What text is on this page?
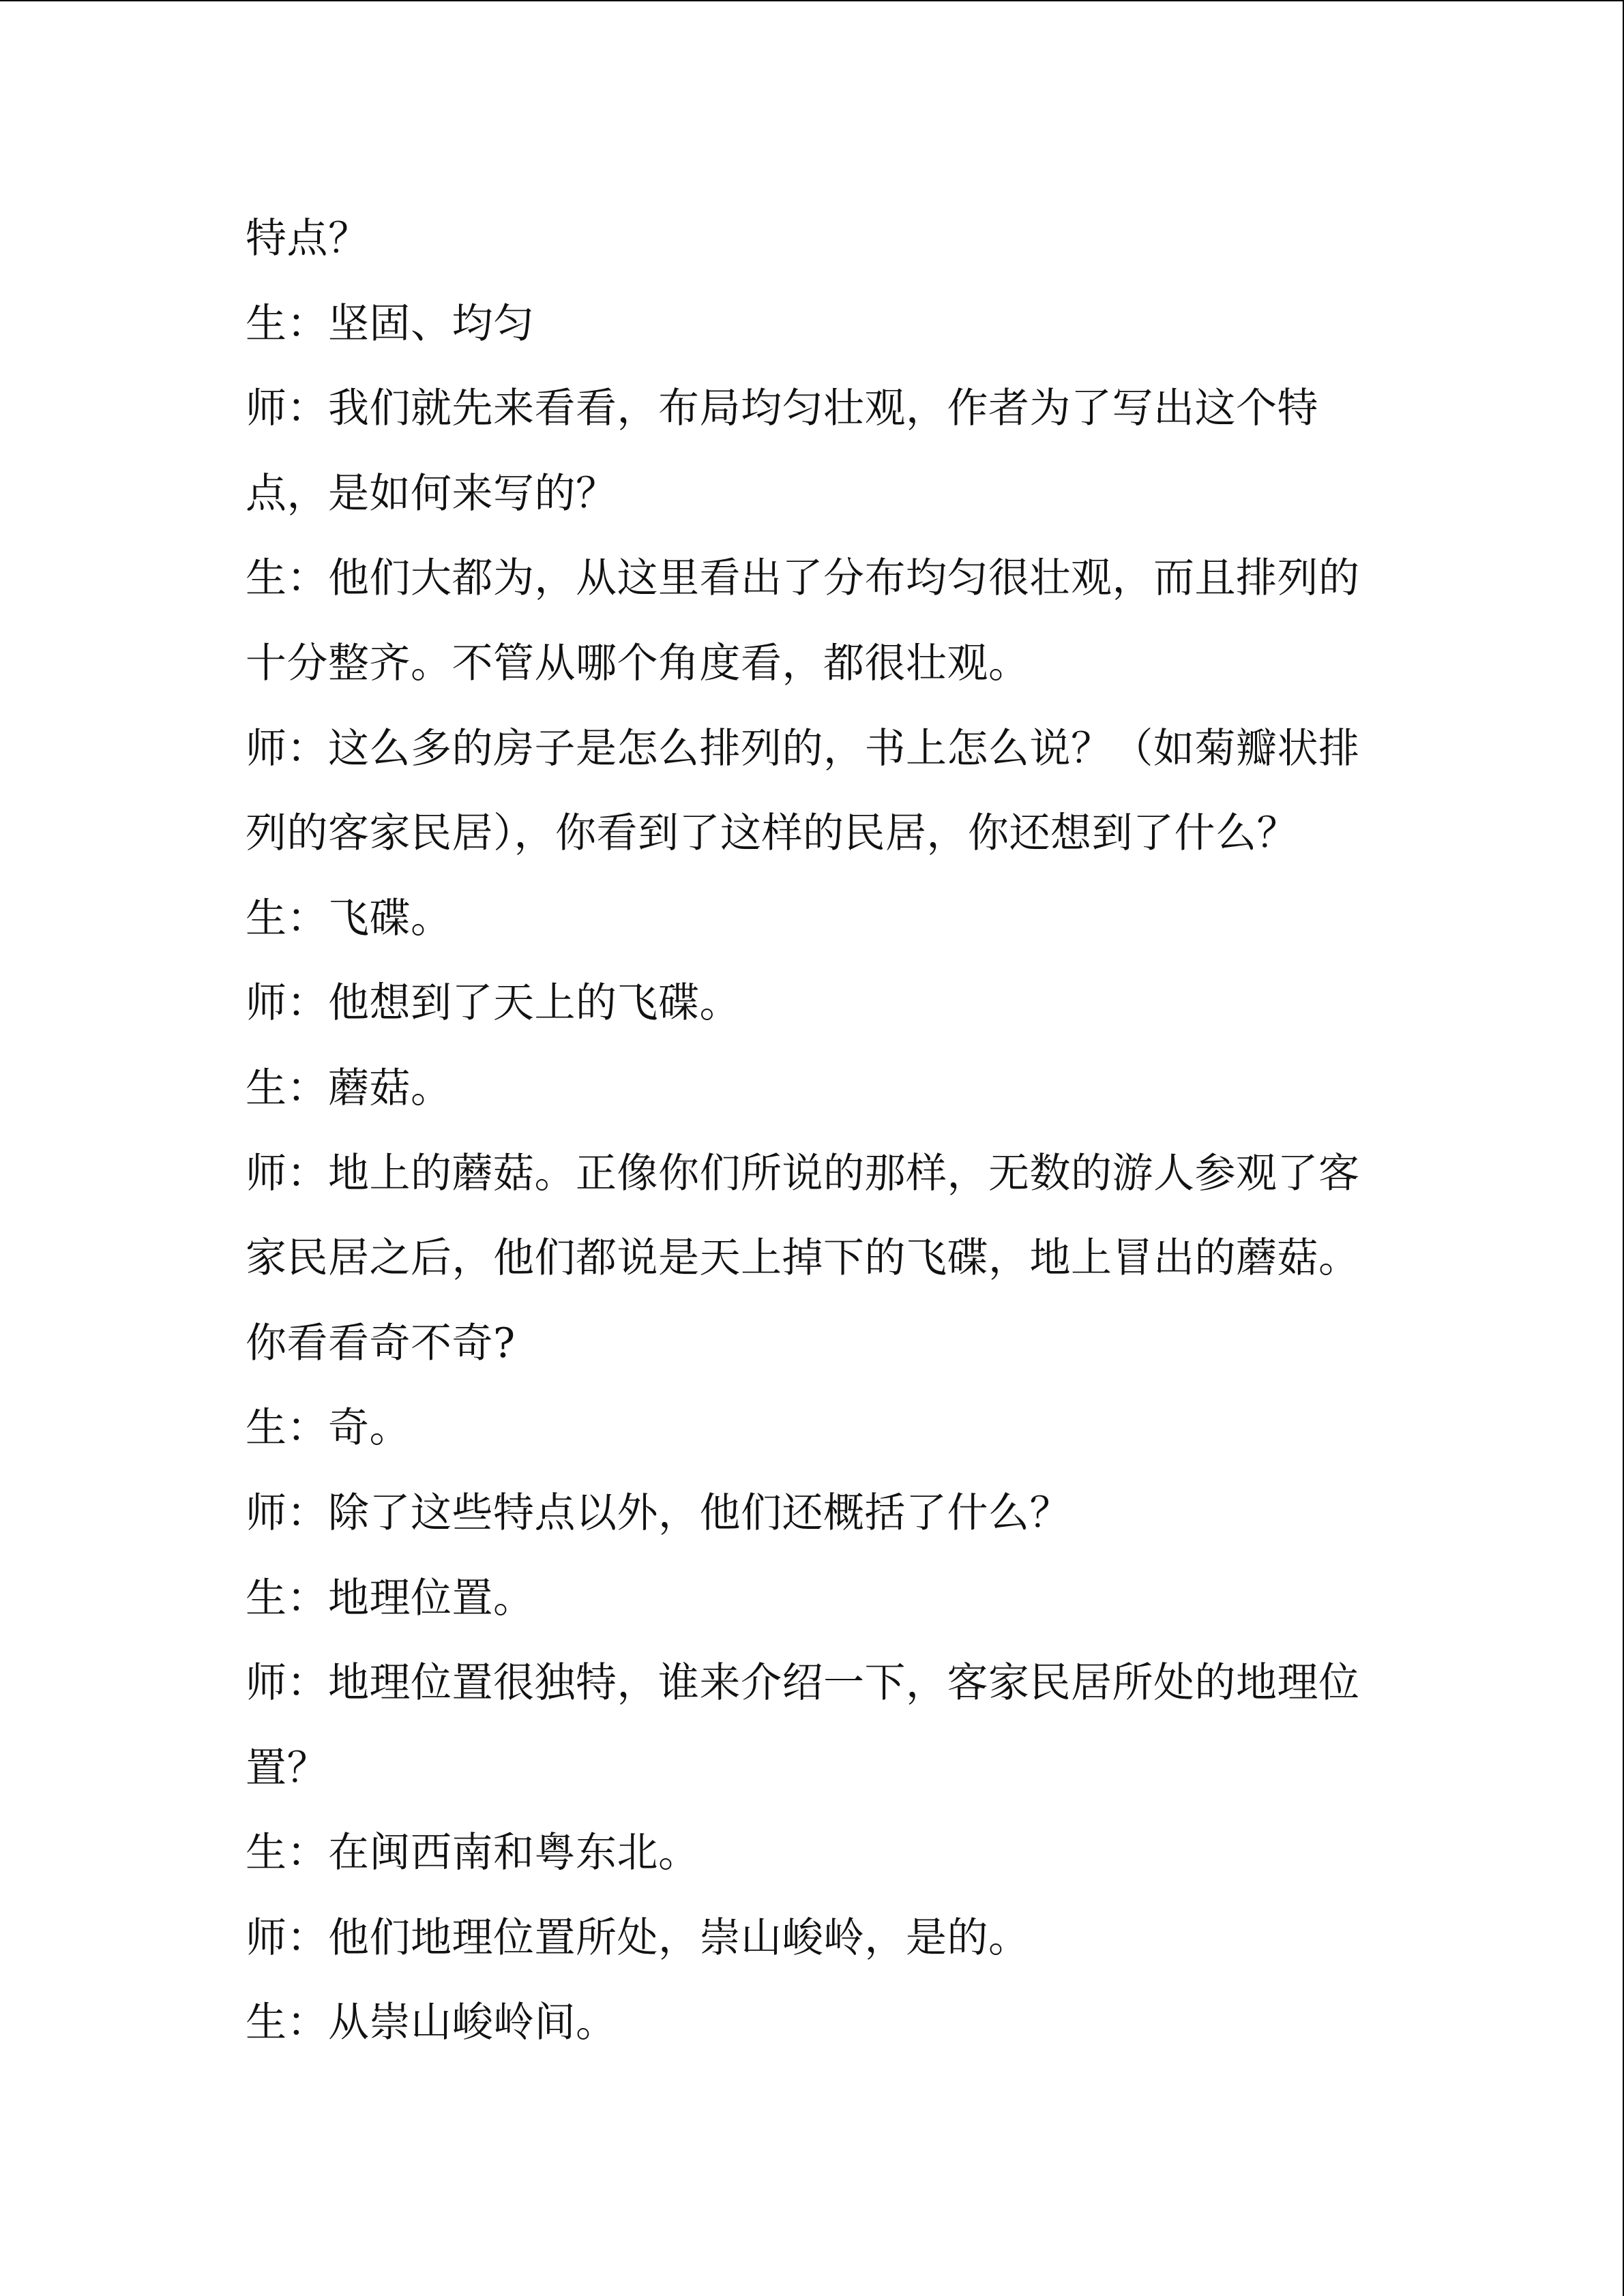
特点？
生：坚固、均匀
师：我们就先来看看，布局均匀壮观，作者为了写出这个特
点，是如何来写的？
生：他们大都为，从这里看出了分布均匀很壮观，而且排列的
十分整齐。不管从哪个角度看，都很壮观。
师：这么多的房子是怎么排列的，书上怎么说？（如菊瓣状排
列的客家民居），你看到了这样的民居，你还想到了什么？
生：飞碟。
师：他想到了天上的飞碟。
生：蘑菇。
师：地上的蘑菇。正像你们所说的那样，无数的游人参观了客
家民居之后，他们都说是天上掉下的飞碟，地上冒出的蘑菇。
你看看奇不奇?
生：奇。
师：除了这些特点以外，他们还概括了什么？
生：地理位置。
师：地理位置很独特，谁来介绍一下，客家民居所处的地理位
置？
生：在闽西南和粤东北。
师：他们地理位置所处，崇山峻岭，是的。
生：从崇山峻岭间。
